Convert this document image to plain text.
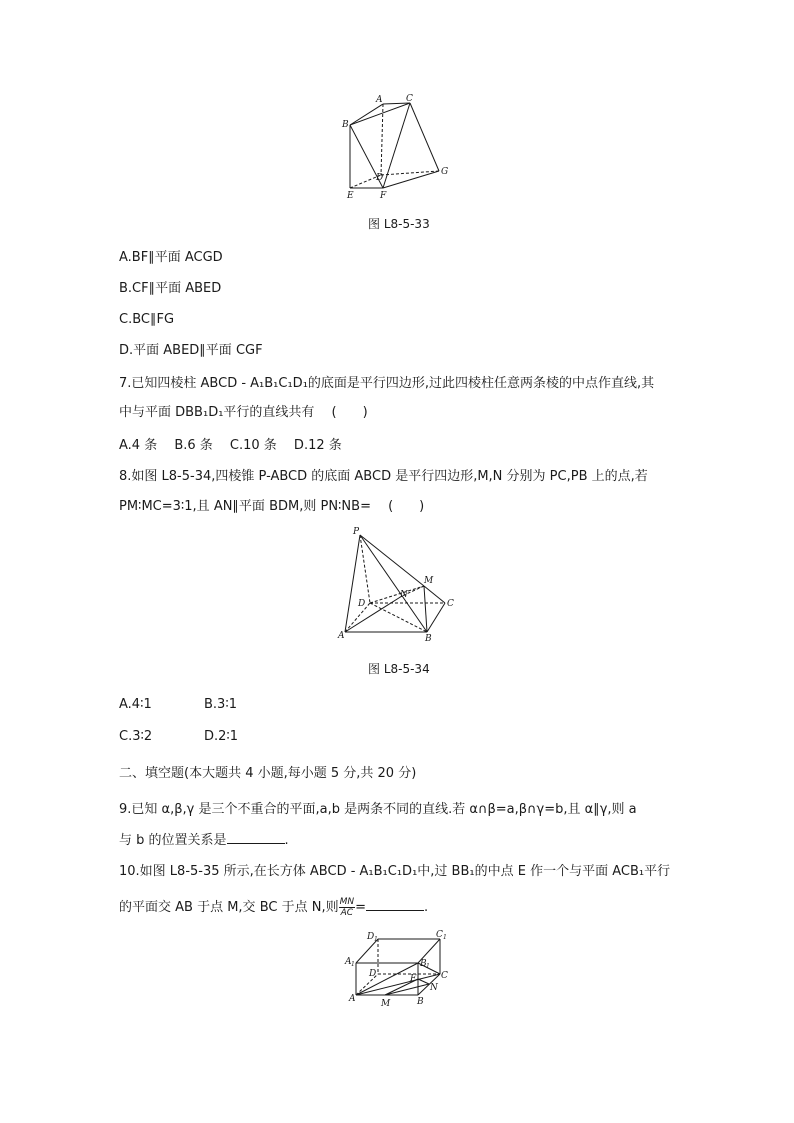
A	C
B
D
G
E	F
图 L8-5-33
A.BF∥平面 ACGD
B.CF∥平面 ABED
C.BC∥FG
D.平面 ABED∥平面 CGF
7.已知四棱柱 ABCD - A₁B₁C₁D₁的底面是平行四边形,过此四棱柱任意两条棱的中点作直线,其
中与平面 DBB₁D₁平行的直线共有　 (　　)
A.4 条　 B.6 条　 C.10 条　 D.12 条
8.如图 L8-5-34,四棱锥 P-ABCD 的底面 ABCD 是平行四边形,M,N 分别为 PC,PB 上的点,若
PM∶MC=3∶1,且 AN∥平面 BDM,则 PN∶NB=　 (　　)
P
M
N
D	C
A	B
图 L8-5-34
A.4∶1	B.3∶1
C.3∶2	D.2∶1
二、填空题(本大题共 4 小题,每小题 5 分,共 20 分)
9.已知 α,β,γ 是三个不重合的平面,a,b 是两条不同的直线.若 α∩β=a,β∩γ=b,且 α∥γ,则 a
与 b 的位置关系是	.
10.如图 L8-5-35 所示,在长方体 ABCD - A₁B₁C₁D₁中,过 BB₁的中点 E 作一个与平面 ACB₁平行
的平面交 AB 于点 M,交 BC 于点 N,则 $\frac{MN}{AC}$ =	.
D 1	C 1
A 1
D	E
B 1
C
N
A	M	B
